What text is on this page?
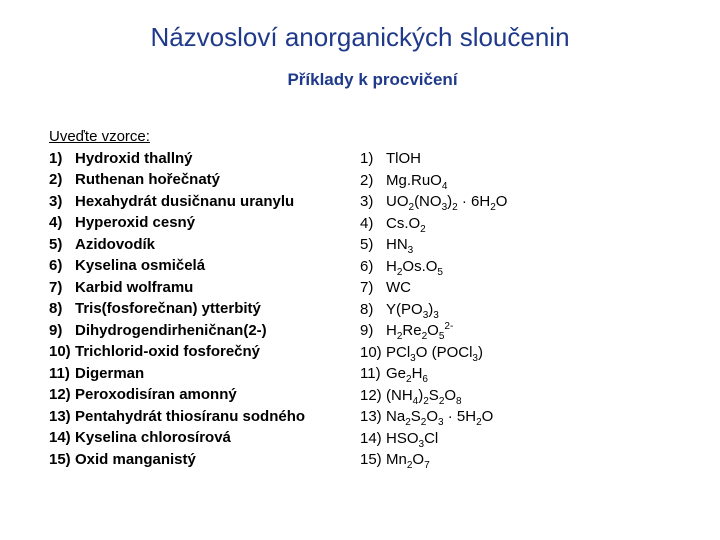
Názvosloví anorganických sloučenin
Příklady k procvičení
Uveďte vzorce:
1) Hydroxid thallný
2) Ruthenan hořečnatý
3) Hexahydrát dusičnanu uranylu
4) Hyperoxid cesný
5) Azidovodík
6) Kyselina osmičelá
7) Karbid wolframu
8) Tris(fosforečnan) ytterbitý
9) Dihydrogendirheničnan(2-)
10) Trichlorid-oxid fosforečný
11) Digerman
12) Peroxodisíran amonný
13) Pentahydrát thiosíranu sodného
14) Kyselina chlorosírová
15) Oxid manganistý
1) TlOH
2) Mg.RuO$_4$
3) $UO_2(NO_3)_2 \cdot 6H_2O$
4) $Cs.O_2$
5) $HN_3$
6) $H_2Os.O_5$
7) WC
8) $Y(PO_3)_3$
9) $H_2Re_2O_5^{2-}$
10) PCl$_3$O (POCl$_3$)
11) $Ge_2H_6$
12) $(NH_4)_2S_2O_8$
13) $Na_2S_2O_3 \cdot 5H_2O$
14) $HSO_3Cl$
15) $Mn_2O_7$
